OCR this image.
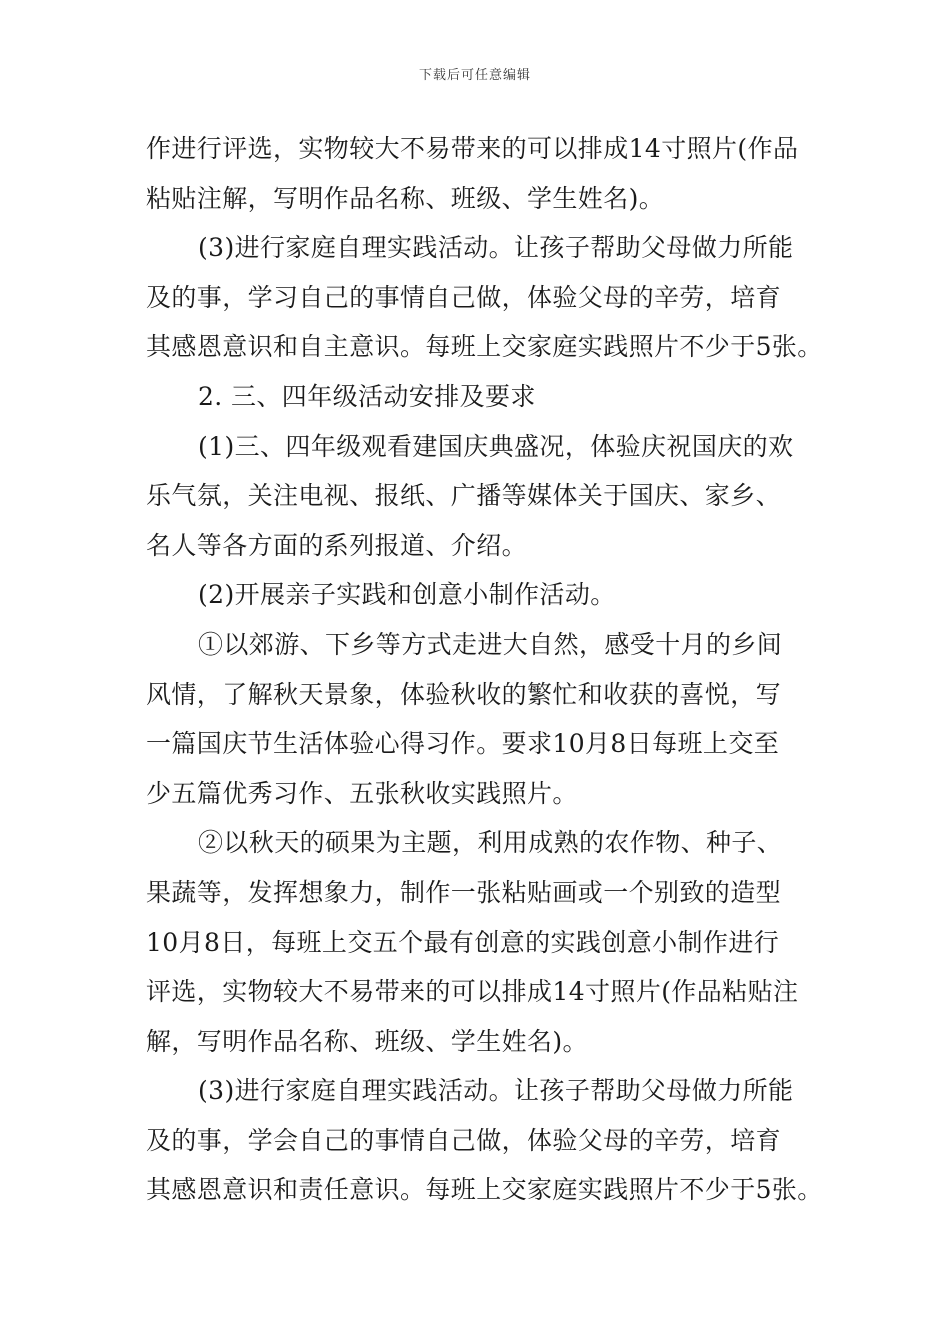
下载后可任意编辑
作进行评选，实物较大不易带来的可以排成14寸照片(作品
粘贴注解，写明作品名称、班级、学生姓名)。
(3)进行家庭自理实践活动。让孩子帮助父母做力所能
及的事，学习自己的事情自己做，体验父母的辛劳，培育
其感恩意识和自主意识。每班上交家庭实践照片不少于5张。
2. 三、四年级活动安排及要求
(1)三、四年级观看建国庆典盛况，体验庆祝国庆的欢
乐气氛，关注电视、报纸、广播等媒体关于国庆、家乡、
名人等各方面的系列报道、介绍。
(2)开展亲子实践和创意小制作活动。
①以郊游、下乡等方式走进大自然，感受十月的乡间
风情，了解秋天景象，体验秋收的繁忙和收获的喜悦，写
一篇国庆节生活体验心得习作。要求10月8日每班上交至
少五篇优秀习作、五张秋收实践照片。
②以秋天的硕果为主题，利用成熟的农作物、种子、
果蔬等，发挥想象力，制作一张粘贴画或一个别致的造型
10月8日，每班上交五个最有创意的实践创意小制作进行
评选，实物较大不易带来的可以排成14寸照片(作品粘贴注
解，写明作品名称、班级、学生姓名)。
(3)进行家庭自理实践活动。让孩子帮助父母做力所能
及的事，学会自己的事情自己做，体验父母的辛劳，培育
其感恩意识和责任意识。每班上交家庭实践照片不少于5张。
